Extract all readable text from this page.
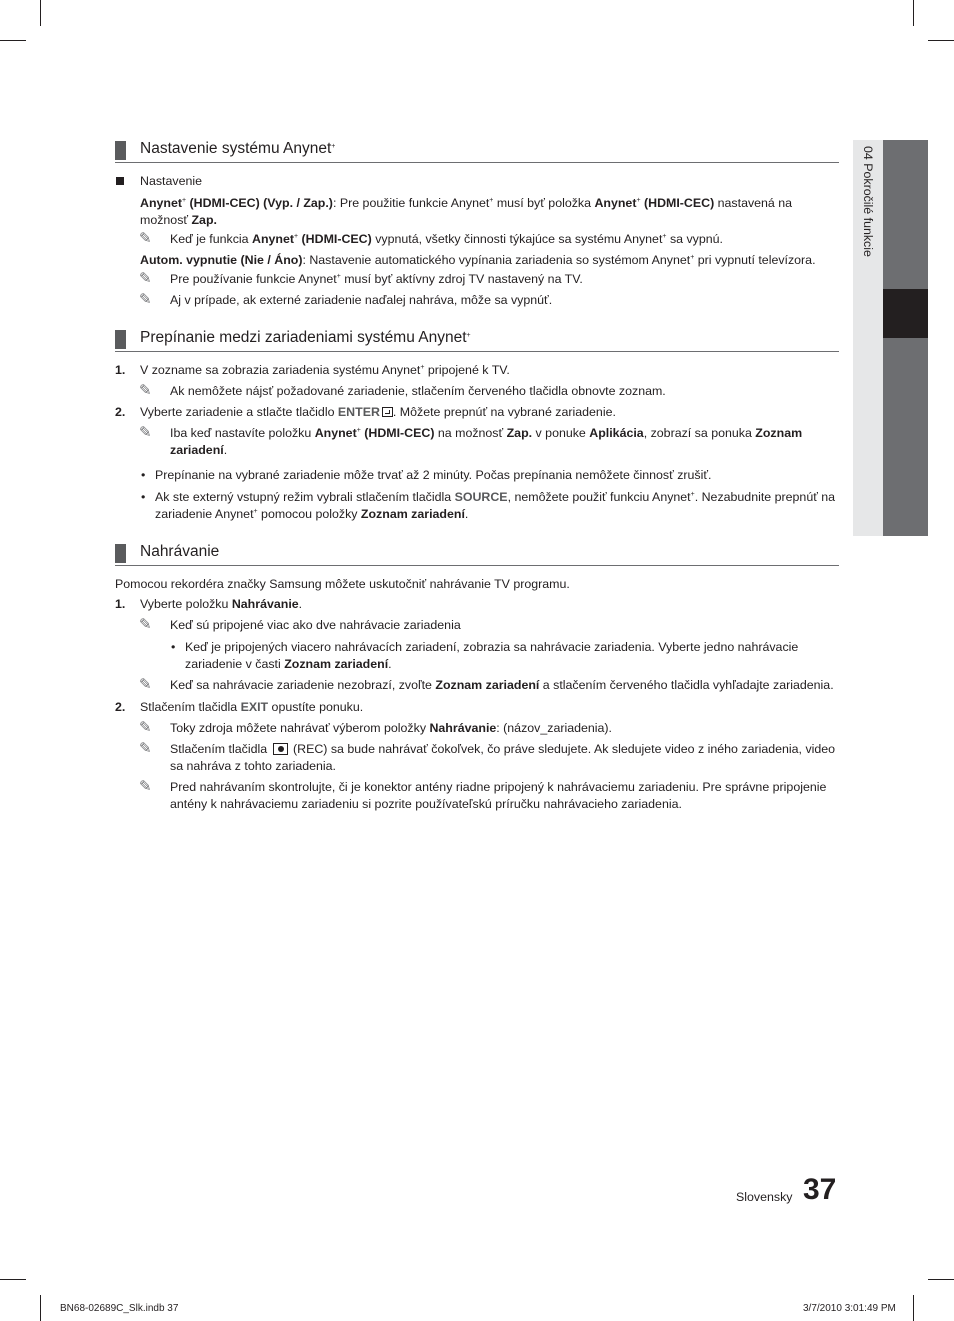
04 Pokročilé funkcie
Nastavenie systému Anynet+
Nastavenie
Anynet+ (HDMI-CEC) (Vyp. / Zap.): Pre použitie funkcie Anynet+ musí byť položka Anynet+ (HDMI-CEC) nastavená na možnosť Zap.
✎ Keď je funkcia Anynet+ (HDMI-CEC) vypnutá, všetky činnosti týkajúce sa systému Anynet+ sa vypnú.
Autom. vypnutie (Nie / Áno): Nastavenie automatického vypínania zariadenia so systémom Anynet+ pri vypnutí televízora.
✎ Pre používanie funkcie Anynet+ musí byť aktívny zdroj TV nastavený na TV.
✎ Aj v prípade, ak externé zariadenie naďalej nahráva, môže sa vypnúť.
Prepínanie medzi zariadeniami systému Anynet+
1. V zozname sa zobrazia zariadenia systému Anynet+ pripojené k TV.
✎ Ak nemôžete nájsť požadované zariadenie, stlačením červeného tlačidla obnovte zoznam.
2. Vyberte zariadenie a stlačte tlačidlo ENTER . Môžete prepnúť na vybrané zariadenie.
✎ Iba keď nastavíte položku Anynet+ (HDMI-CEC) na možnosť Zap. v ponuke Aplikácia, zobrazí sa ponuka Zoznam zariadení.
• Prepínanie na vybrané zariadenie môže trvať až 2 minúty. Počas prepínania nemôžete činnosť zrušiť.
• Ak ste externý vstupný režim vybrali stlačením tlačidla SOURCE, nemôžete použiť funkciu Anynet+. Nezabudnite prepnúť na zariadenie Anynet+ pomocou položky Zoznam zariadení.
Nahrávanie
Pomocou rekordéra značky Samsung môžete uskutočniť nahrávanie TV programu.
1. Vyberte položku Nahrávanie.
✎ Keď sú pripojené viac ako dve nahrávacie zariadenia
• Keď je pripojených viacero nahrávacích zariadení, zobrazia sa nahrávacie zariadenia. Vyberte jedno nahrávacie zariadenie v časti Zoznam zariadení.
✎ Keď sa nahrávacie zariadenie nezobrazí, zvoľte Zoznam zariadení a stlačením červeného tlačidla vyhľadajte zariadenia.
2. Stlačením tlačidla EXIT opustíte ponuku.
✎ Toky zdroja môžete nahrávať výberom položky Nahrávanie: (názov_zariadenia).
✎ Stlačením tlačidla  (REC) sa bude nahrávať čokoľvek, čo práve sledujete. Ak sledujete video z iného zariadenia, video sa nahráva z tohto zariadenia.
✎ Pred nahrávaním skontrolujte, či je konektor antény riadne pripojený k nahrávaciemu zariadeniu. Pre správne pripojenie antény k nahrávaciemu zariadeniu si pozrite používateľskú príručku nahrávacieho zariadenia.
Slovensky 37
BN68-02689C_Slk.indb 37	3/7/2010 3:01:49 PM
